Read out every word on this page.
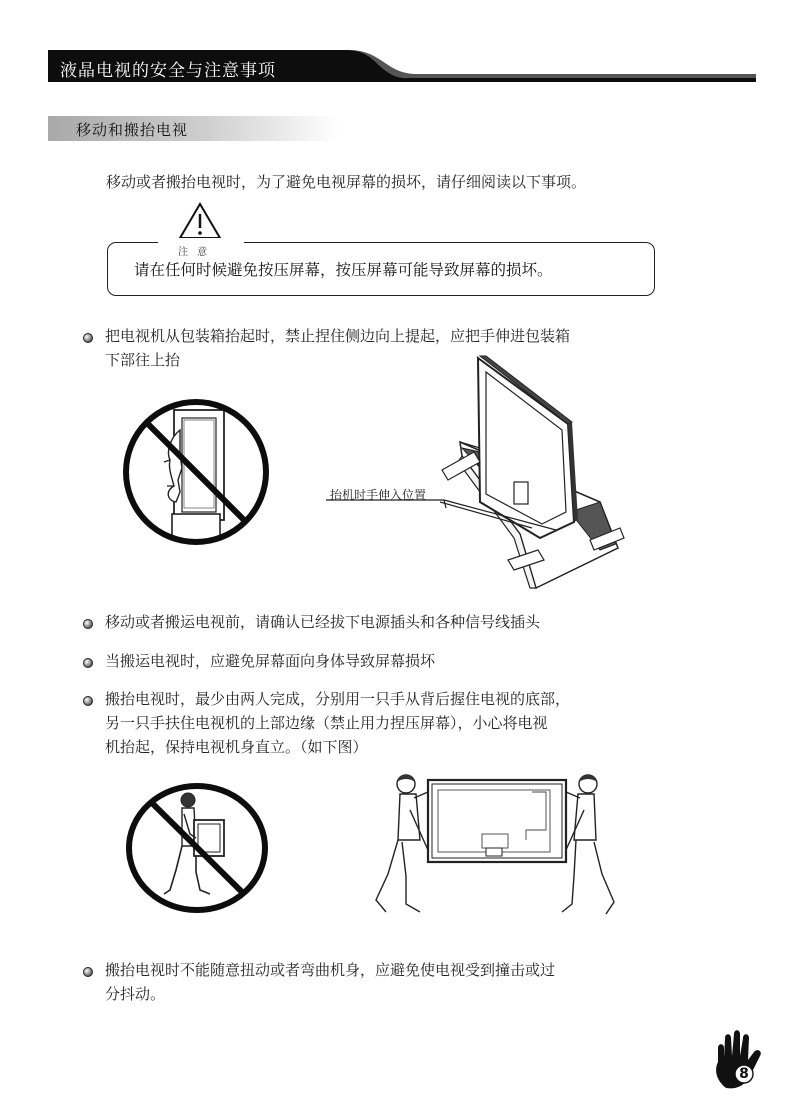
液晶电视的安全与注意事项
移动和搬抬电视
移动或者搬抬电视时，为了避免电视屏幕的损坏，请仔细阅读以下事项。
注 意
请在任何时候避免按压屏幕，按压屏幕可能导致屏幕的损坏。
把电视机从包装箱抬起时，禁止捏住侧边向上提起，应把手伸进包装箱
下部往上抬
抬机时手伸入位置
移动或者搬运电视前，请确认已经拔下电源插头和各种信号线插头
当搬运电视时，应避免屏幕面向身体导致屏幕损坏
搬抬电视时，最少由两人完成，分别用一只手从背后握住电视的底部，
另一只手扶住电视机的上部边缘（禁止用力捏压屏幕），小心将电视
机抬起，保持电视机身直立。（如下图）
搬抬电视时不能随意扭动或者弯曲机身，应避免使电视受到撞击或过
分抖动。
8
